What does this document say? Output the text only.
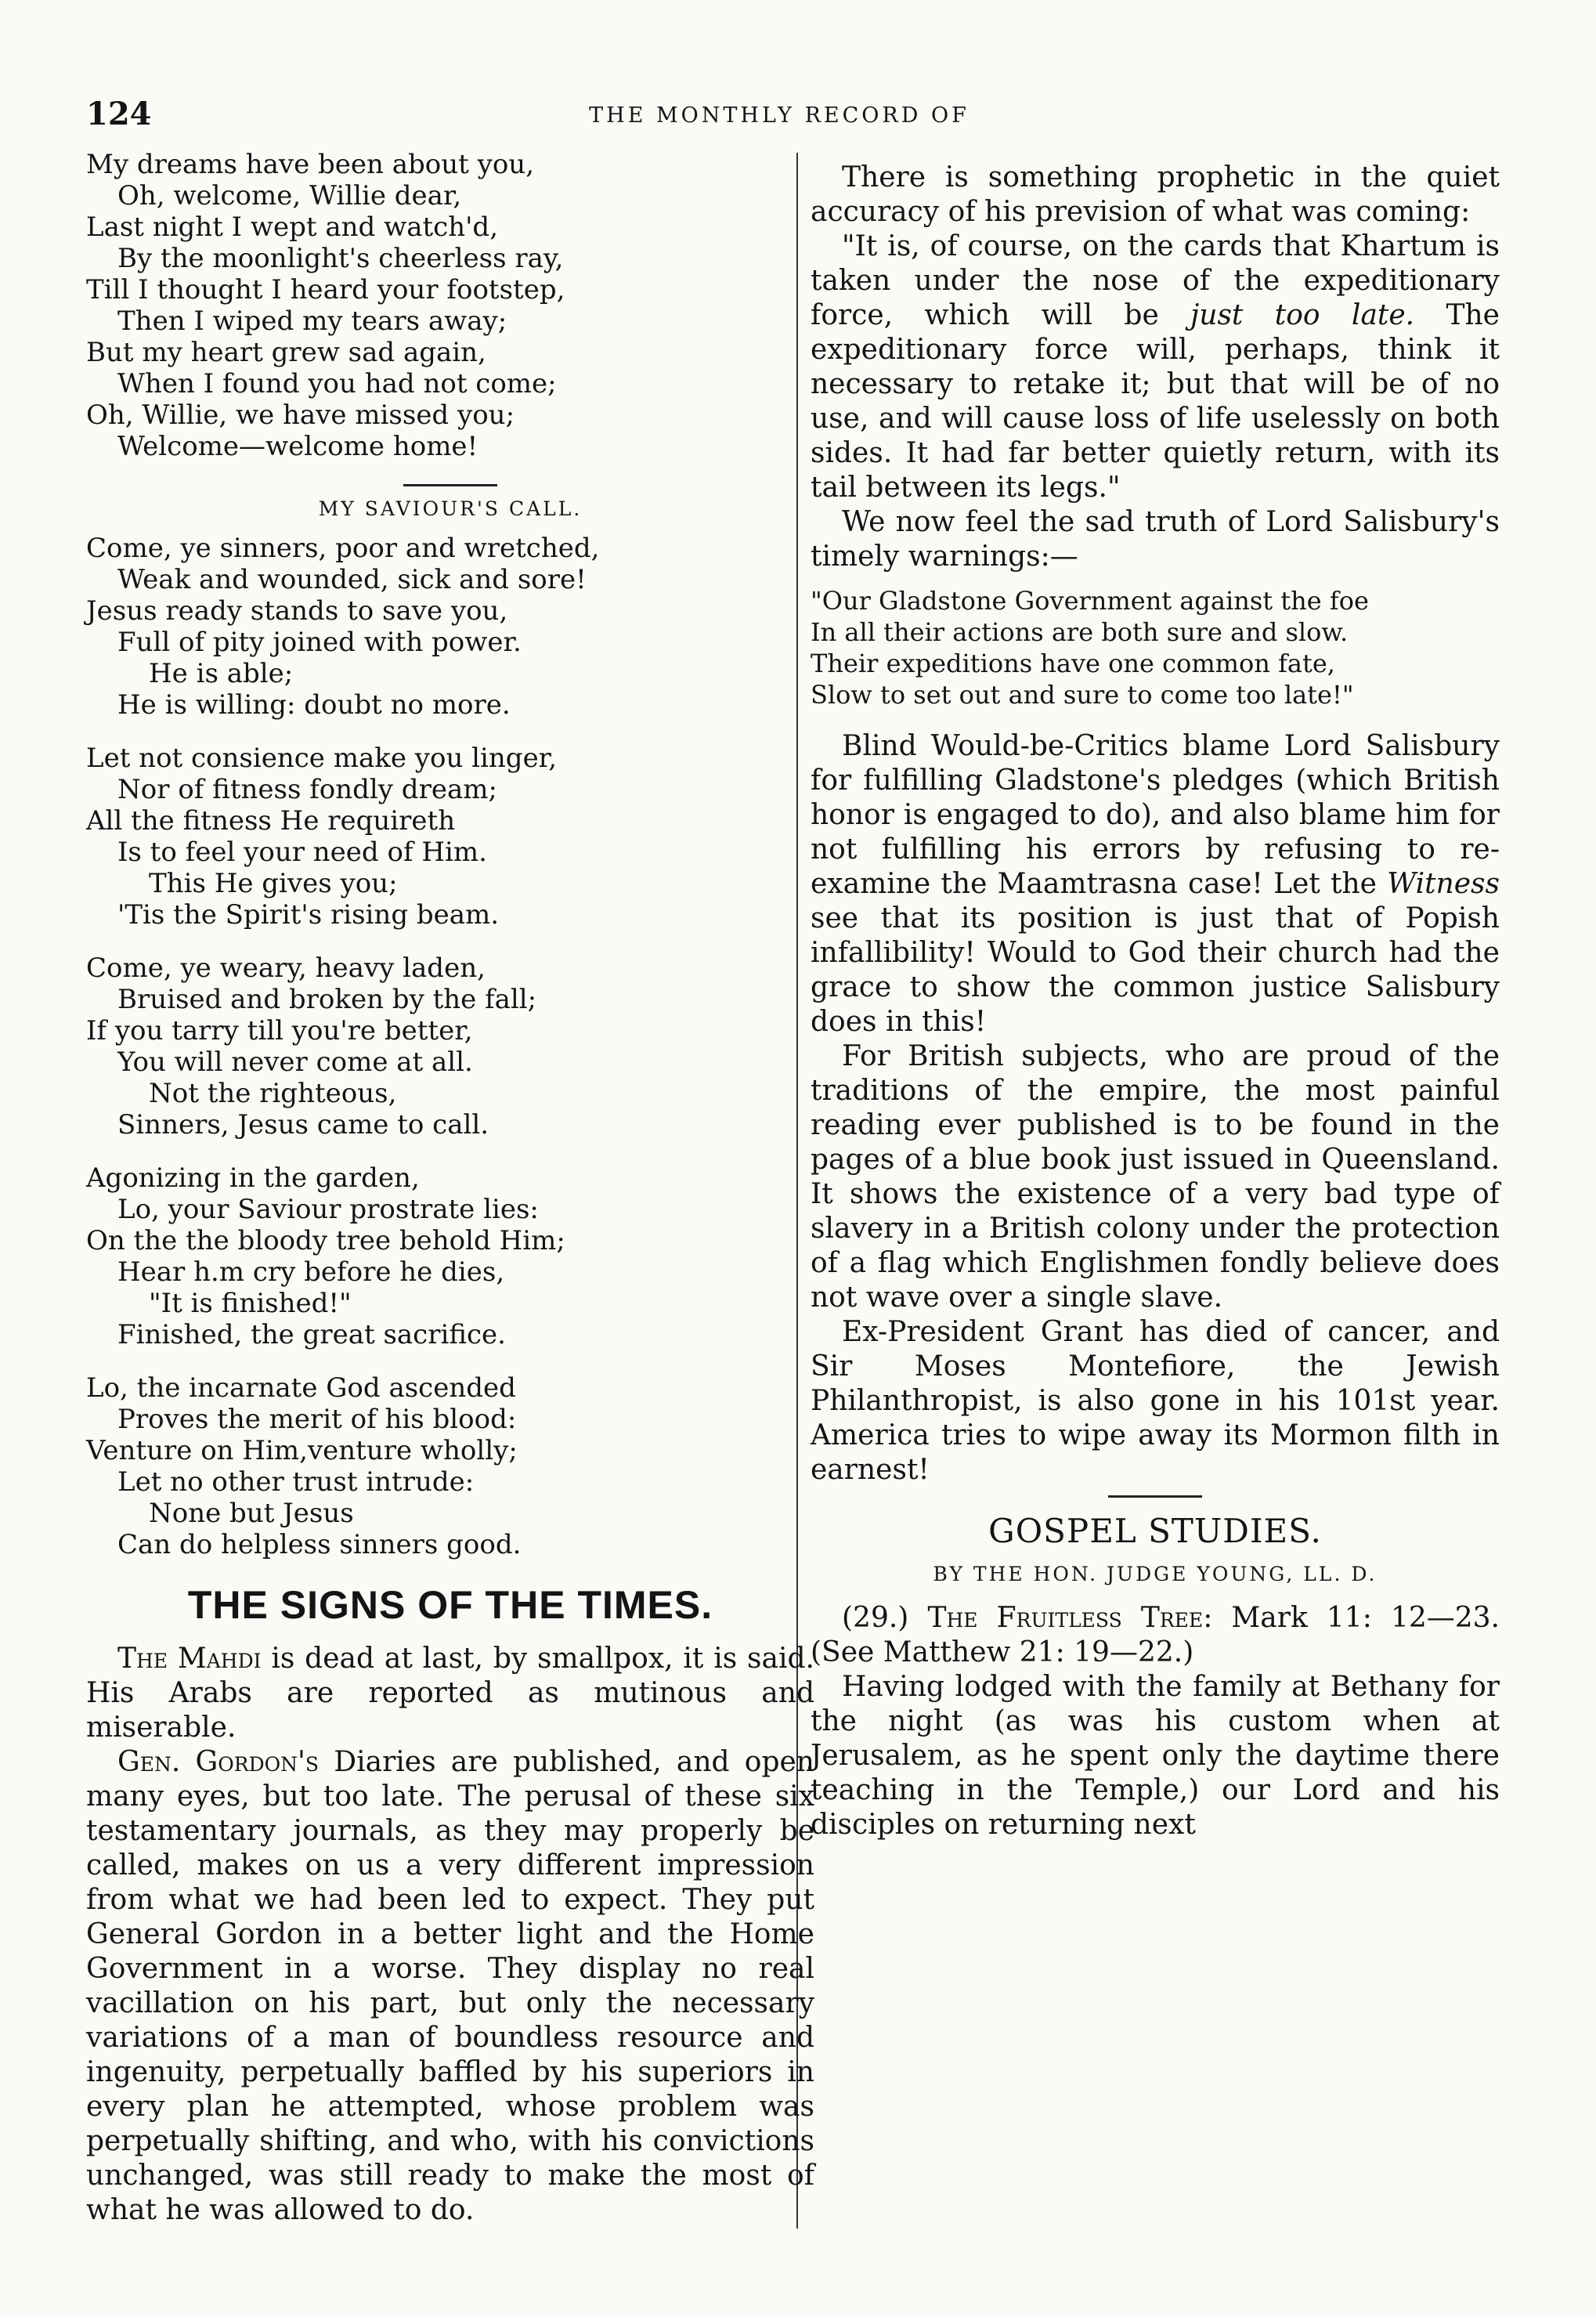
124	THE MONTHLY RECORD OF
My dreams have been about you,
Oh, welcome, Willie dear,
Last night I wept and watch'd,
By the moonlight's cheerless ray,
Till I thought I heard your footstep,
Then I wiped my tears away;
But my heart grew sad again,
When I found you had not come;
Oh, Willie, we have missed you;
Welcome—welcome home!
MY SAVIOUR'S CALL.
Come, ye sinners, poor and wretched,
Weak and wounded, sick and sore!
Jesus ready stands to save you,
Full of pity joined with power.
He is able;
He is willing: doubt no more.
Let not consience make you linger,
Nor of fitness fondly dream;
All the fitness He requireth
Is to feel your need of Him.
This He gives you;
'Tis the Spirit's rising beam.
Come, ye weary, heavy laden,
Bruised and broken by the fall;
If you tarry till you're better,
You will never come at all.
Not the righteous,
Sinners, Jesus came to call.
Agonizing in the garden,
Lo, your Saviour prostrate lies:
On the the bloody tree behold Him;
Hear h.m cry before he dies,
"It is finished!"
Finished, the great sacrifice.
Lo, the incarnate God ascended
Proves the merit of his blood:
Venture on Him,venture wholly;
Let no other trust intrude:
None but Jesus
Can do helpless sinners good.
THE SIGNS OF THE TIMES.

The Mahdi is dead at last, by smallpox, it is said. His Arabs are reported as mutinous and miserable.

Gen. Gordon's Diaries are published, and open many eyes, but too late. The perusal of these six testamentary journals, as they may properly be called, makes on us a very different impression from what we had been led to expect. They put General Gordon in a better light and the Home Government in a worse. They display no real vacillation on his part, but only the necessary variations of a man of boundless resource and ingenuity, perpetually baffled by his superiors in every plan he attempted, whose problem was perpetually shifting, and who, with his convictions unchanged, was still ready to make the most of what he was allowed to do.

There is something prophetic in the quiet accuracy of his prevision of what was coming:

"It is, of course, on the cards that Khartum is taken under the nose of the expeditionary force, which will be just too late. The expeditionary force will, perhaps, think it necessary to retake it; but that will be of no use, and will cause loss of life uselessly on both sides. It had far better quietly return, with its tail between its legs."

We now feel the sad truth of Lord Salisbury's timely warnings:—

"Our Gladstone Government against the foe
In all their actions are both sure and slow.
Their expeditions have one common fate,
Slow to set out and sure to come too late!"

Blind Would-be-Critics blame Lord Salisbury for fulfilling Gladstone's pledges (which British honor is engaged to do), and also blame him for not fulfilling his errors by refusing to re-examine the Maamtrasna case! Let the Witness see that its position is just that of Popish infallibility! Would to God their church had the grace to show the common justice Salisbury does in this!

For British subjects, who are proud of the traditions of the empire, the most painful reading ever published is to be found in the pages of a blue book just issued in Queensland. It shows the existence of a very bad type of slavery in a British colony under the protection of a flag which Englishmen fondly believe does not wave over a single slave.

Ex-President Grant has died of cancer, and Sir Moses Montefiore, the Jewish Philanthropist, is also gone in his 101st year. America tries to wipe away its Mormon filth in earnest!

GOSPEL STUDIES.
BY THE HON. JUDGE YOUNG, LL. D.

(29.) The Fruitless Tree: Mark 11: 12—23. (See Matthew 21: 19—22.)

Having lodged with the family at Bethany for the night (as was his custom when at Jerusalem, as he spent only the daytime there teaching in the Temple,) our Lord and his disciples on returning next
